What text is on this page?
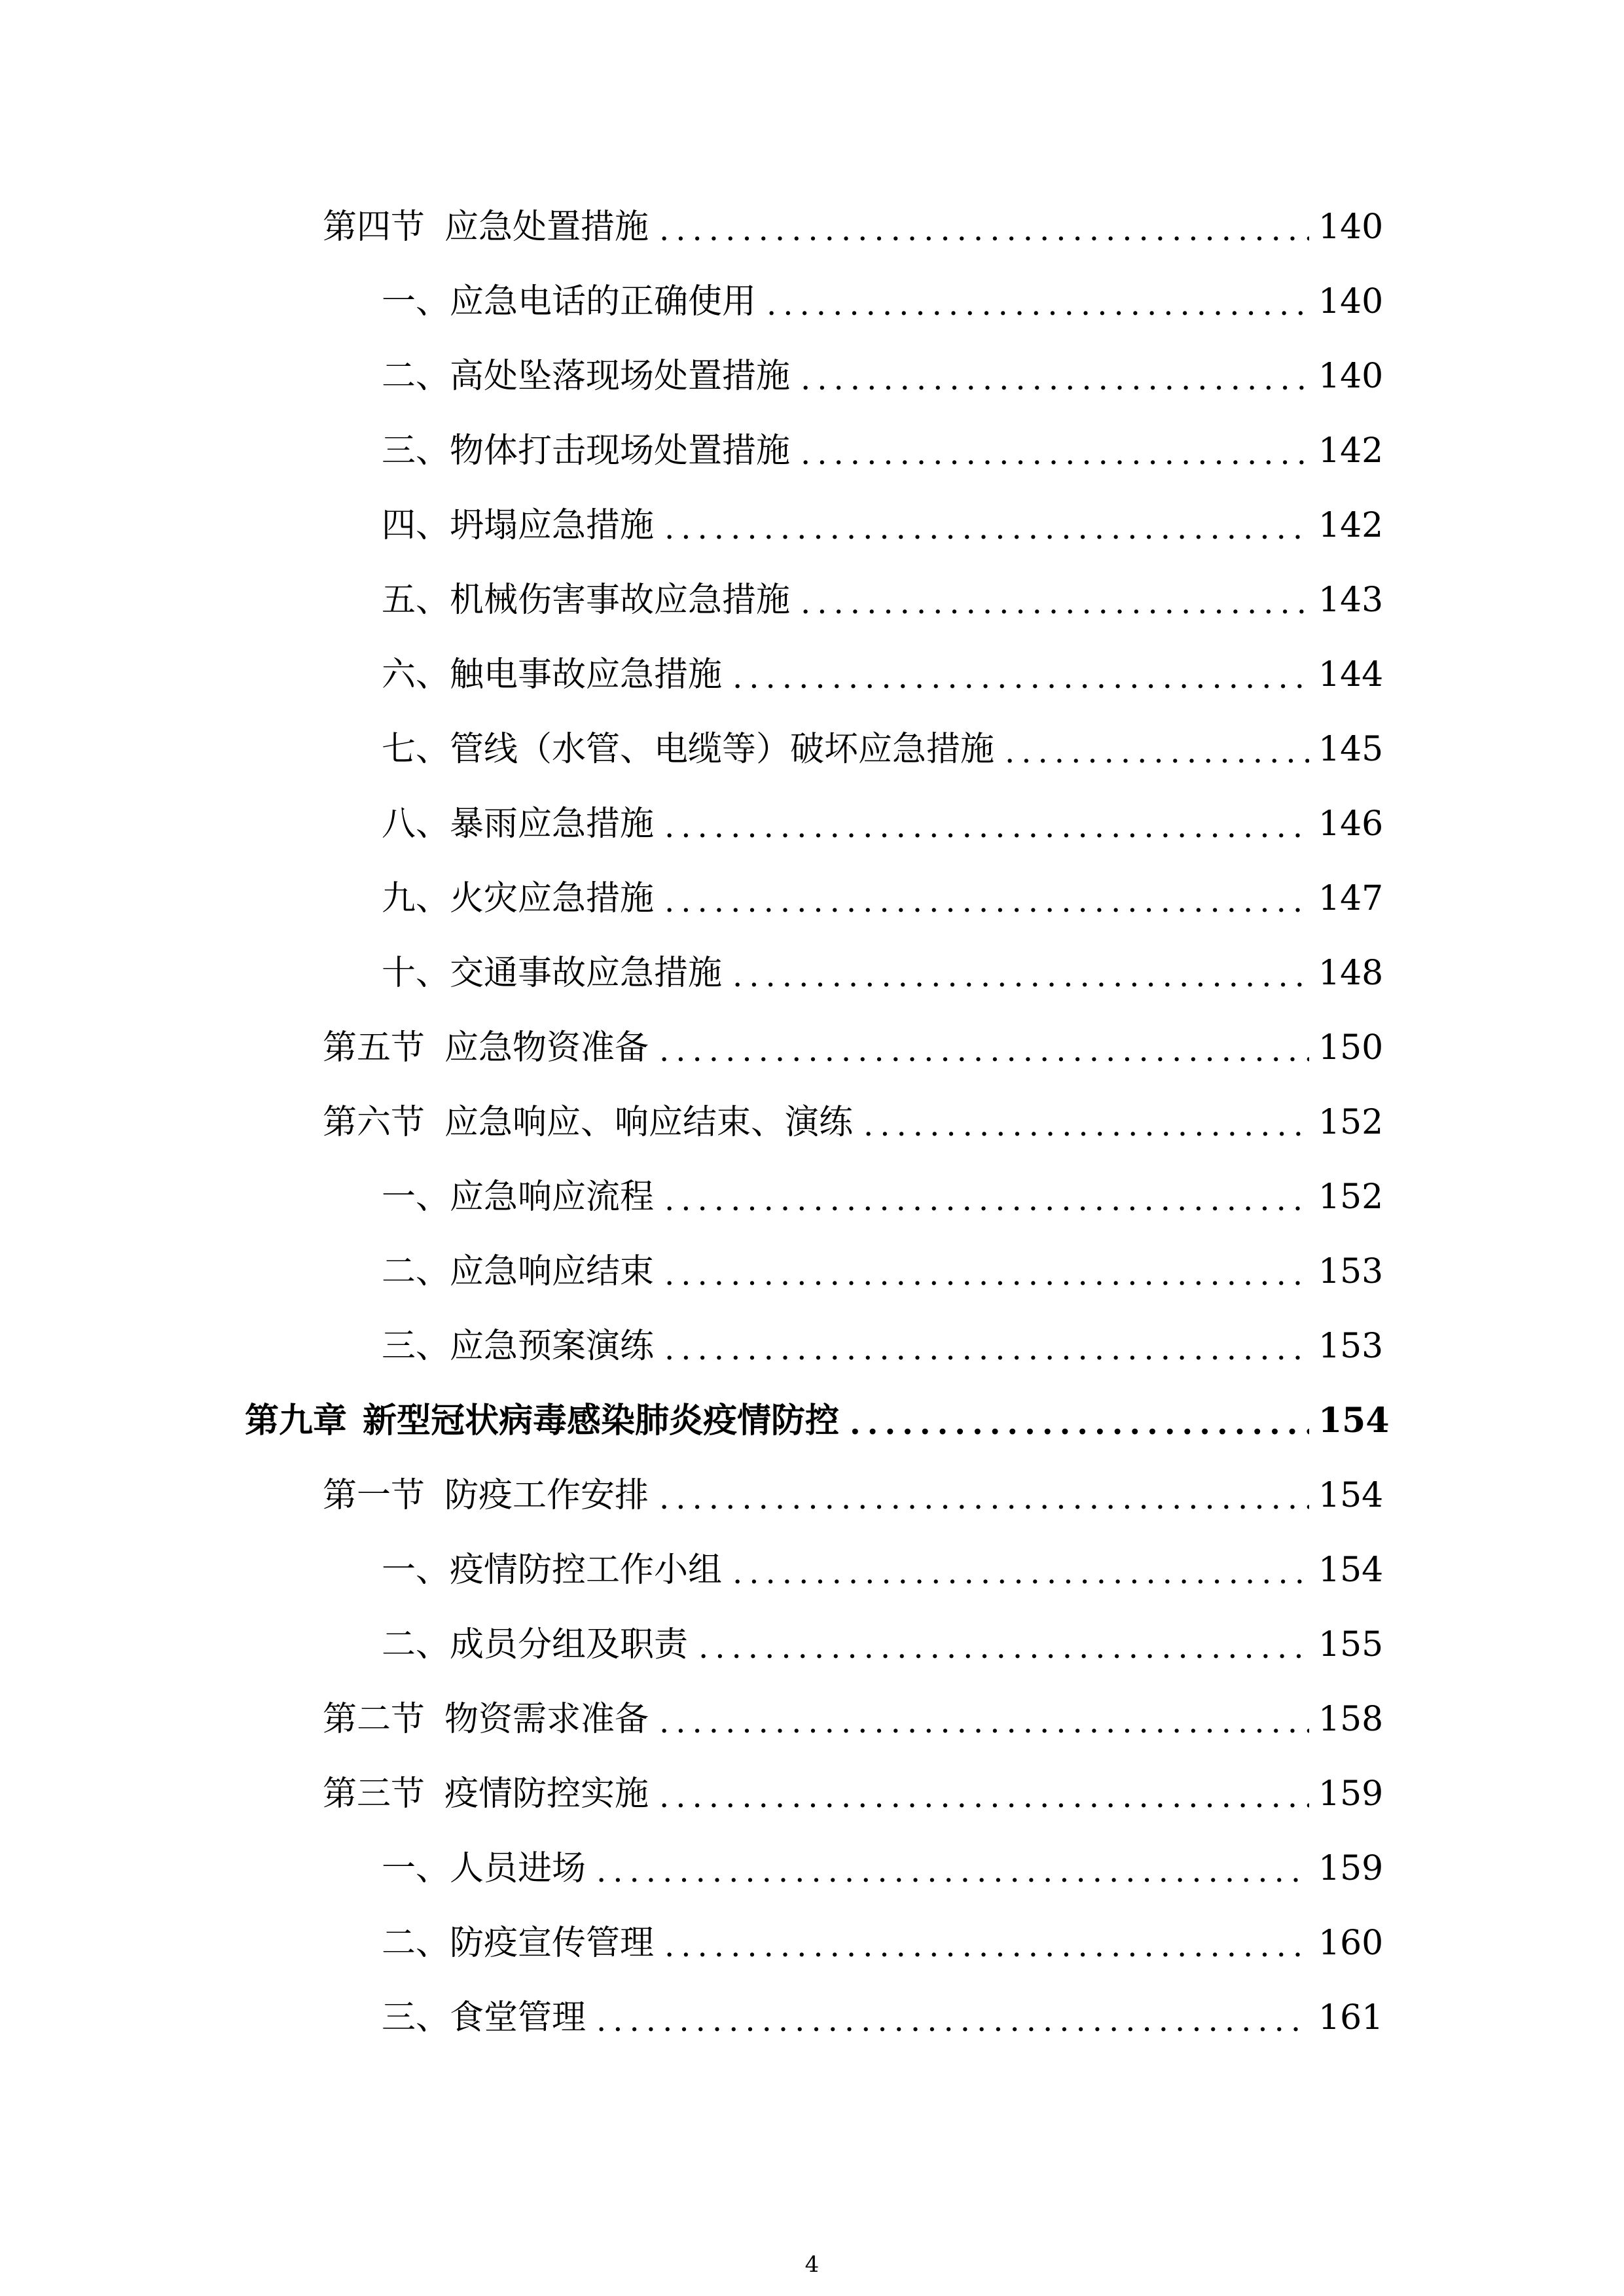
第四节 应急处置措施 .....	140
一、 应急电话的正确使用 .....	140
二、 高处坠落现场处置措施 .....	140
三、 物体打击现场处置措施 .....	142
四、 坍塌应急措施 .....	142
五、 机械伤害事故应急措施 .....	143
六、 触电事故应急措施 .....	144
七、 管线（水管、电缆等）破坏应急措施 .....	145
八、 暴雨应急措施 .....	146
九、 火灾应急措施 .....	147
十、 交通事故应急措施 .....	148
第五节 应急物资准备 .....	150
第六节 应急响应、响应结束、演练 .....	152
一、 应急响应流程 .....	152
二、 应急响应结束 .....	153
三、 应急预案演练 .....	153
第九章 新型冠状病毒感染肺炎疫情防控 .....	154
第一节 防疫工作安排 .....	154
一、 疫情防控工作小组 .....	154
二、 成员分组及职责 .....	155
第二节 物资需求准备 .....	158
第三节 疫情防控实施 .....	159
一、 人员进场 .....	159
二、 防疫宣传管理 .....	160
三、 食堂管理 .....	161
4
